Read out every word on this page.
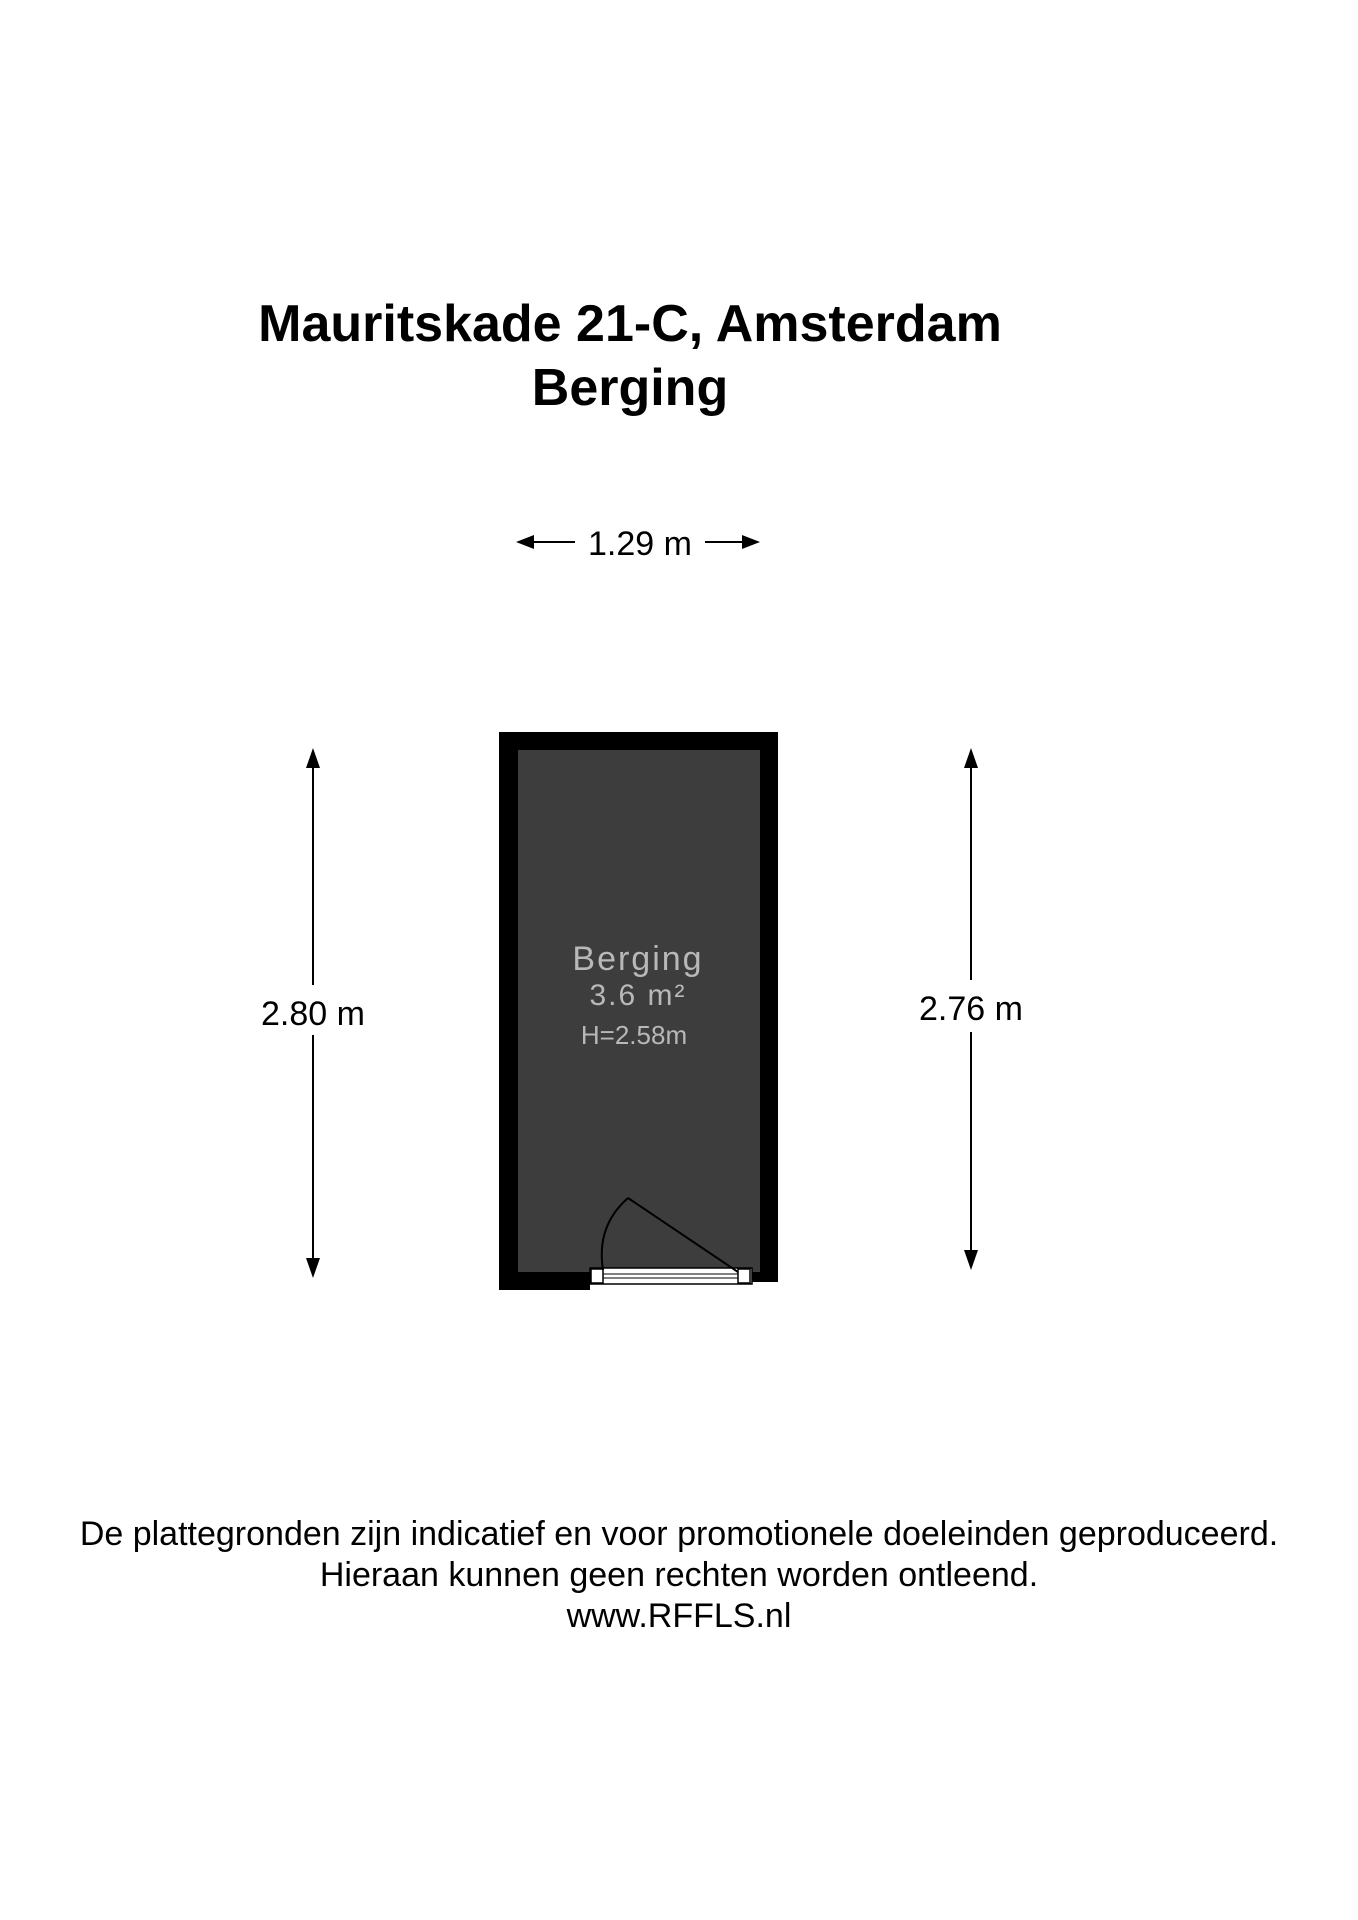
Mauritskade 21-C, Amsterdam
Berging
1.29 m
2.80 m	2.76 m
Berging
3.6 m²
H=2.58m
De plattegronden zijn indicatief en voor promotionele doeleinden geproduceerd.
Hieraan kunnen geen rechten worden ontleend.
www.RFFLS.nl
